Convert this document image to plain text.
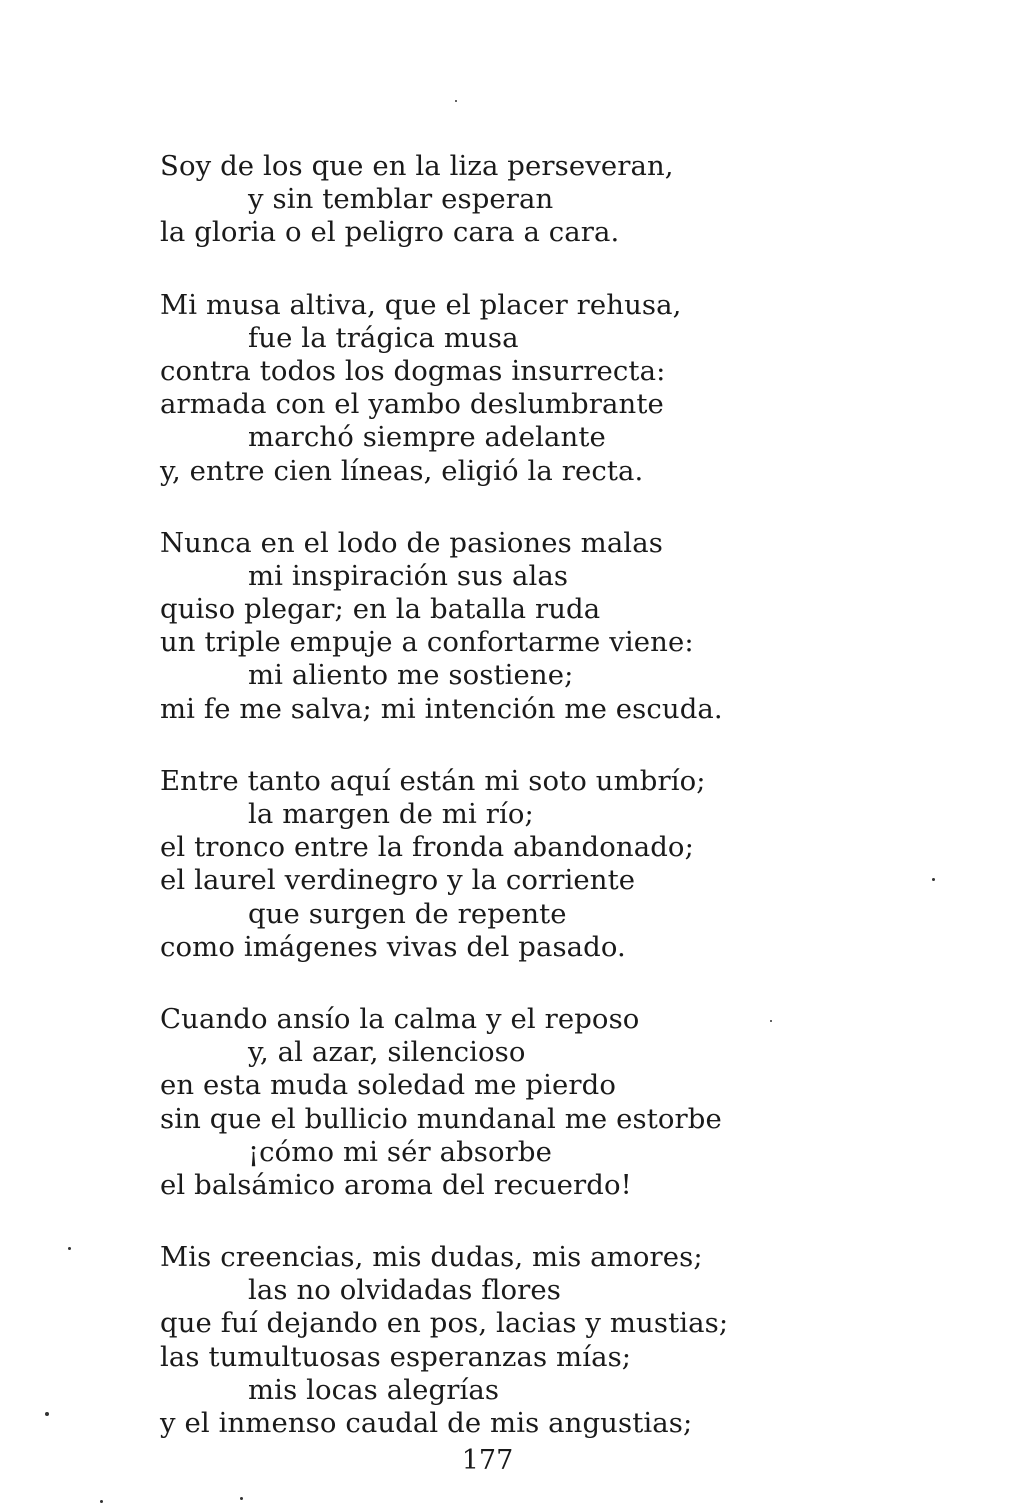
Soy de los que en la liza perseveran,
y sin temblar esperan
la gloria o el peligro cara a cara.
Mi musa altiva, que el placer rehusa,
fue la trágica musa
contra todos los dogmas insurrecta:
armada con el yambo deslumbrante
marchó siempre adelante
y, entre cien líneas, eligió la recta.
Nunca en el lodo de pasiones malas
mi inspiración sus alas
quiso plegar; en la batalla ruda
un triple empuje a confortarme viene:
mi aliento me sostiene;
mi fe me salva; mi intención me escuda.
Entre tanto aquí están mi soto umbrío;
la margen de mi río;
el tronco entre la fronda abandonado;
el laurel verdinegro y la corriente
que surgen de repente
como imágenes vivas del pasado.
Cuando ansío la calma y el reposo
y, al azar, silencioso
en esta muda soledad me pierdo
sin que el bullicio mundanal me estorbe
¡cómo mi sér absorbe
el balsámico aroma del recuerdo!
Mis creencias, mis dudas, mis amores;
las no olvidadas flores
que fuí dejando en pos, lacias y mustias;
las tumultuosas esperanzas mías;
mis locas alegrías
y el inmenso caudal de mis angustias;
177
